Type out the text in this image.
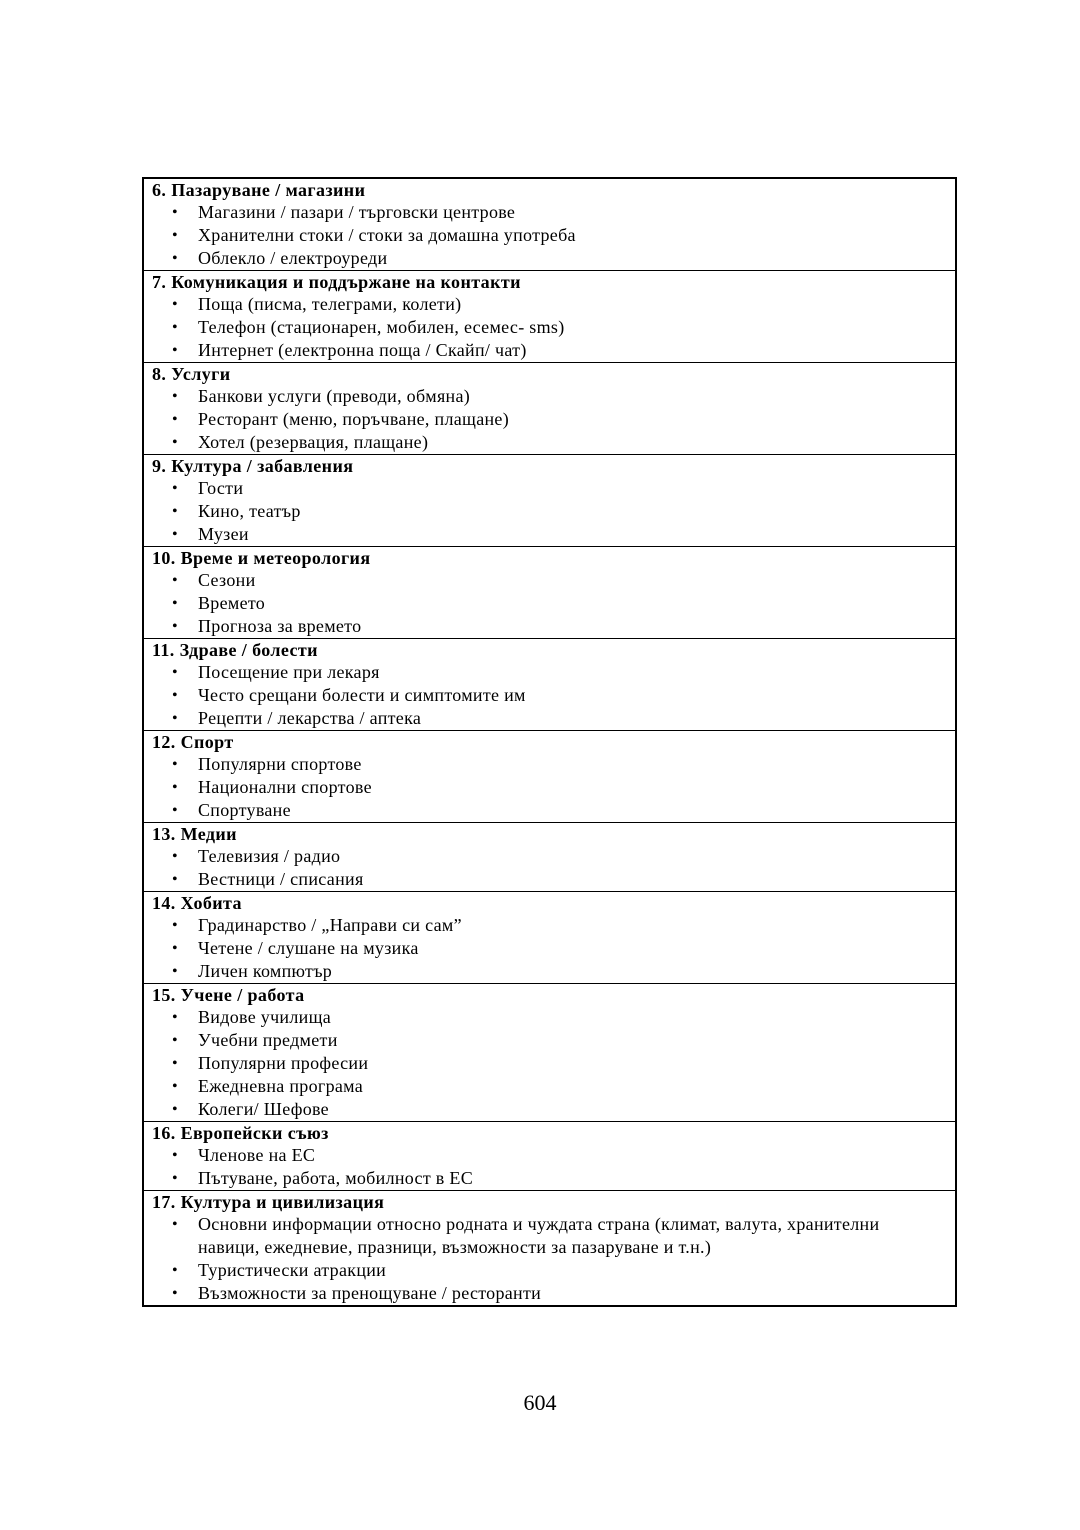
6. Пазаруване / магазини
• Магазини / пазари / търговски центрове
• Хранителни стоки / стоки за домашна употреба
• Облекло / електроуреди
7. Комуникация и поддържане на контакти
• Поща (писма, телеграми, колети)
• Телефон (стационарен, мобилен, есемес- sms)
• Интернет (електронна поща / Скайп/ чат)
8. Услуги
• Банкови услуги (преводи, обмяна)
• Ресторант (меню, поръчване, плащане)
• Хотел (резервация, плащане)
9. Култура / забавления
• Гости
• Кино, театър
• Музеи
10. Време и метеорология
• Сезони
• Времето
• Прогноза за времето
11. Здраве / болести
• Посещение при лекаря
• Често срещани болести и симптомите им
• Рецепти / лекарства / аптека
12. Спорт
• Популярни спортове
• Национални спортове
• Спортуване
13. Медии
• Телевизия / радио
• Вестници / списания
14. Хобита
• Градинарство / „Направи си сам”
• Четене / слушане на музика
• Личен компютър
15. Учене / работа
• Видове училища
• Учебни предмети
• Популярни професии
• Ежедневна програма
• Колеги/ Шефове
16. Европейски съюз
• Членове на ЕС
• Пътуване, работа, мобилност в ЕС
17. Култура и цивилизация
• Основни информации относно родната и чуждата страна (климат, валута, хранителни навици, ежедневие, празници, възможности за пазаруване и т.н.)
• Туристически атракции
• Възможности за пренощуване / ресторанти
604
